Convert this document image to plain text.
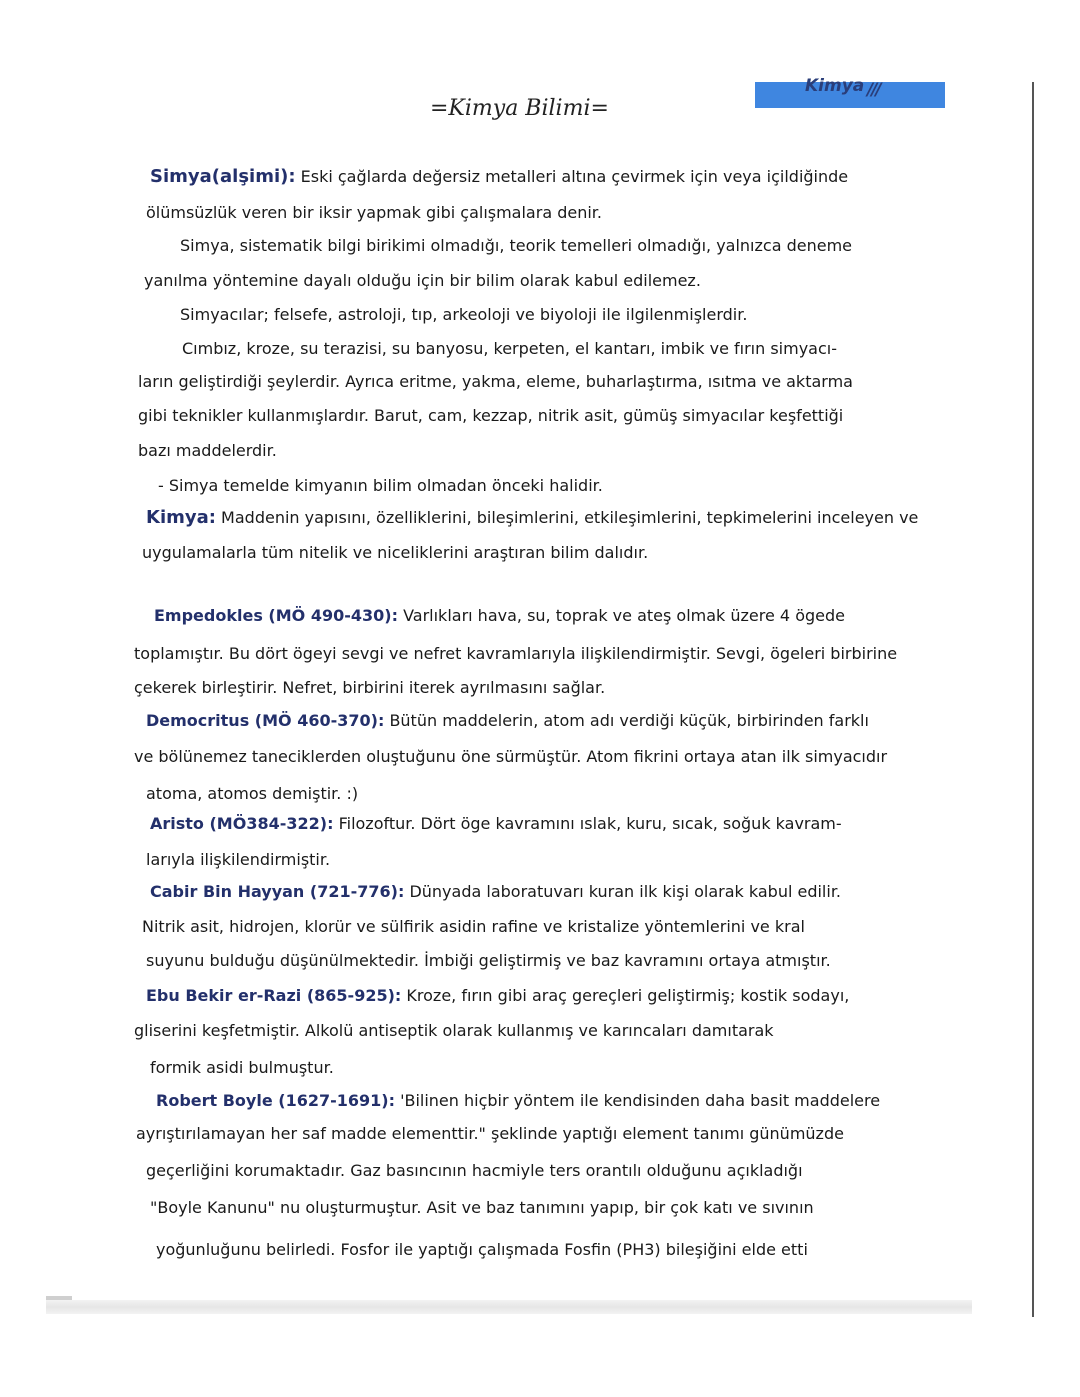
Kimya ///
=Kimya Bilimi=
Simya(alşimi): Eski çağlarda değersiz metalleri altına çevirmek için veya içildiğinde
ölümsüzlük veren bir iksir yapmak gibi çalışmalara denir.
Simya, sistematik bilgi birikimi olmadığı, teorik temelleri olmadığı, yalnızca deneme
yanılma yöntemine dayalı olduğu için bir bilim olarak kabul edilemez.
Simyacılar; felsefe, astroloji, tıp, arkeoloji ve biyoloji ile ilgilenmişlerdir.
Cımbız, kroze, su terazisi, su banyosu, kerpeten, el kantarı, imbik ve fırın simyacı-
ların geliştirdiği şeylerdir. Ayrıca eritme, yakma, eleme, buharlaştırma, ısıtma ve aktarma
gibi teknikler kullanmışlardır. Barut, cam, kezzap, nitrik asit, gümüş simyacılar keşfettiği
bazı maddelerdir.
- Simya temelde kimyanın bilim olmadan önceki halidir.
Kimya: Maddenin yapısını, özelliklerini, bileşimlerini, etkileşimlerini, tepkimelerini inceleyen ve
uygulamalarla tüm nitelik ve niceliklerini araştıran bilim dalıdır.
Empedokles (MÖ 490-430): Varlıkları hava, su, toprak ve ateş olmak üzere 4 ögede
toplamıştır. Bu dört ögeyi sevgi ve nefret kavramlarıyla ilişkilendirmiştir. Sevgi, ögeleri birbirine
çekerek birleştirir. Nefret, birbirini iterek ayrılmasını sağlar.
Democritus (MÖ 460-370): Bütün maddelerin, atom adı verdiği küçük, birbirinden farklı
ve bölünemez taneciklerden oluştuğunu öne sürmüştür. Atom fikrini ortaya atan ilk simyacıdır
atoma, atomos demiştir. :)
Aristo (MÖ384-322): Filozoftur. Dört öge kavramını ıslak, kuru, sıcak, soğuk kavram-
larıyla ilişkilendirmiştir.
Cabir Bin Hayyan (721-776): Dünyada laboratuvarı kuran ilk kişi olarak kabul edilir.
Nitrik asit, hidrojen, klorür ve sülfirik asidin rafine ve kristalize yöntemlerini ve kral
suyunu bulduğu düşünülmektedir. İmbiği geliştirmiş ve baz kavramını ortaya atmıştır.
Ebu Bekir er-Razi (865-925): Kroze, fırın gibi araç gereçleri geliştirmiş; kostik sodayı,
gliserini keşfetmiştir. Alkolü antiseptik olarak kullanmış ve karıncaları damıtarak
formik asidi bulmuştur.
Robert Boyle (1627-1691): 'Bilinen hiçbir yöntem ile kendisinden daha basit maddelere
ayrıştırılamayan her saf madde elementtir." şeklinde yaptığı element tanımı günümüzde
geçerliğini korumaktadır. Gaz basıncının hacmiyle ters orantılı olduğunu açıkladığı
"Boyle Kanunu" nu oluşturmuştur. Asit ve baz tanımını yapıp, bir çok katı ve sıvının
yoğunluğunu belirledi. Fosfor ile yaptığı çalışmada Fosfin (PH3) bileşiğini elde etti
